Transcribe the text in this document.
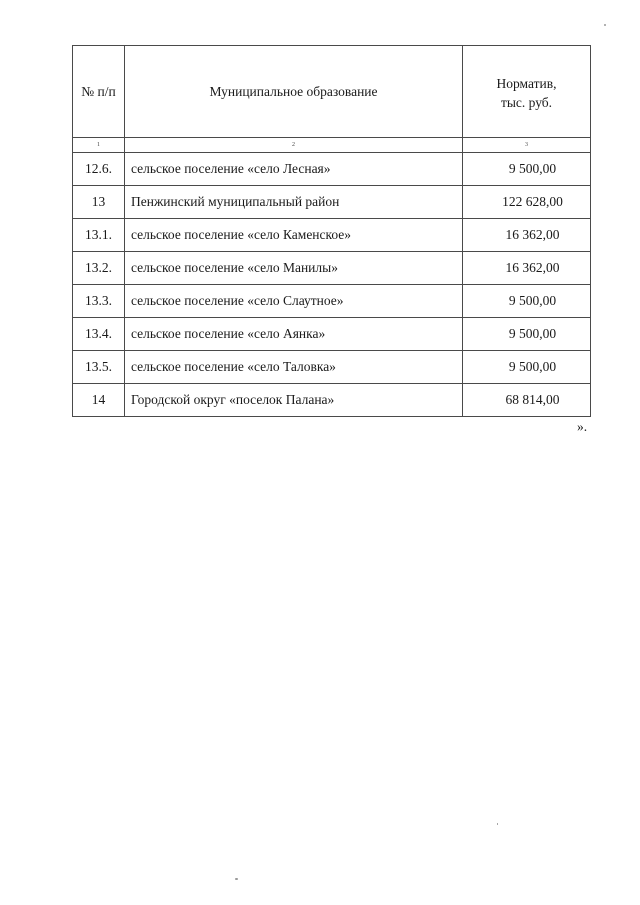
№ п/п	Муниципальное образование	Норматив,
тыс. руб.
1	2	3
12.6.	сельское поселение «село Лесная»	9 500,00
13	Пенжинский муниципальный район	122 628,00
13.1.	сельское поселение «село Каменское»	16 362,00
13.2.	сельское поселение «село Манилы»	16 362,00
13.3.	сельское поселение «село Слаутное»	9 500,00
13.4.	сельское поселение «село Аянка»	9 500,00
13.5.	сельское поселение «село Таловка»	9 500,00
14	Городской округ «поселок Палана»	68 814,00
».
